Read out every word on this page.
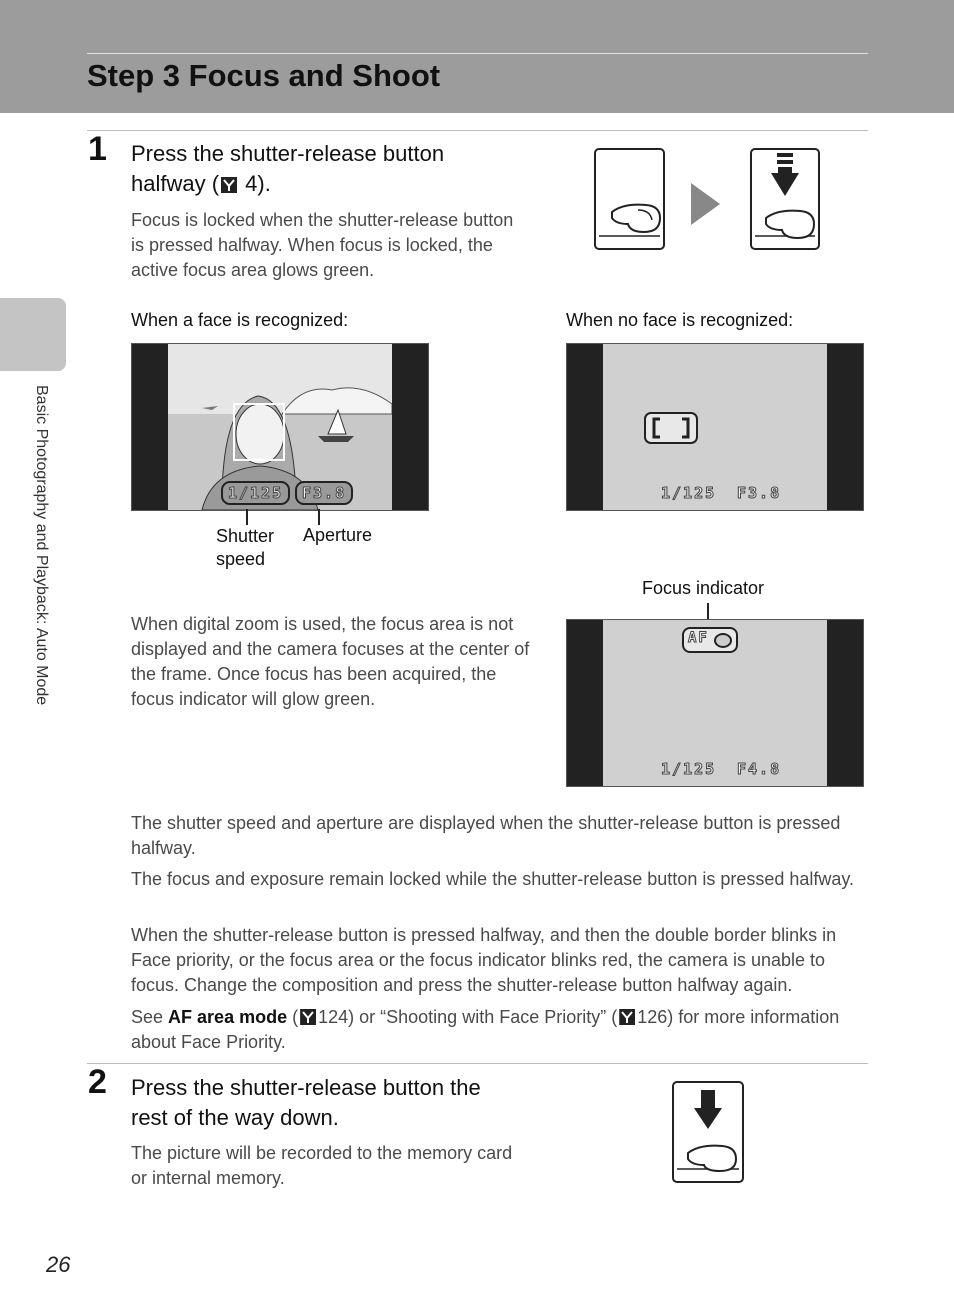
Step 3 Focus and Shoot
Basic Photography and Playback: Auto Mode
1 Press the shutter-release button
halfway ( 4).
Focus is locked when the shutter-release button is pressed halfway. When focus is locked, the active focus area glows green.
When a face is recognized:	When no face is recognized:
1/125	F3.8
Shutter
speed
Aperture
1/125 F3.8
Focus indicator
When digital zoom is used, the focus area is not displayed and the camera focuses at the center of the frame. Once focus has been acquired, the focus indicator will glow green.
AF
1/125 F4.8
The shutter speed and aperture are displayed when the shutter-release button is pressed halfway.
The focus and exposure remain locked while the shutter-release button is pressed halfway.
When the shutter-release button is pressed halfway, and then the double border blinks in Face priority, or the focus area or the focus indicator blinks red, the camera is unable to focus. Change the composition and press the shutter-release button halfway again.
See AF area mode ( 124) or “Shooting with Face Priority” ( 126) for more information about Face Priority.
2 Press the shutter-release button the
rest of the way down.
The picture will be recorded to the memory card or internal memory.
26
